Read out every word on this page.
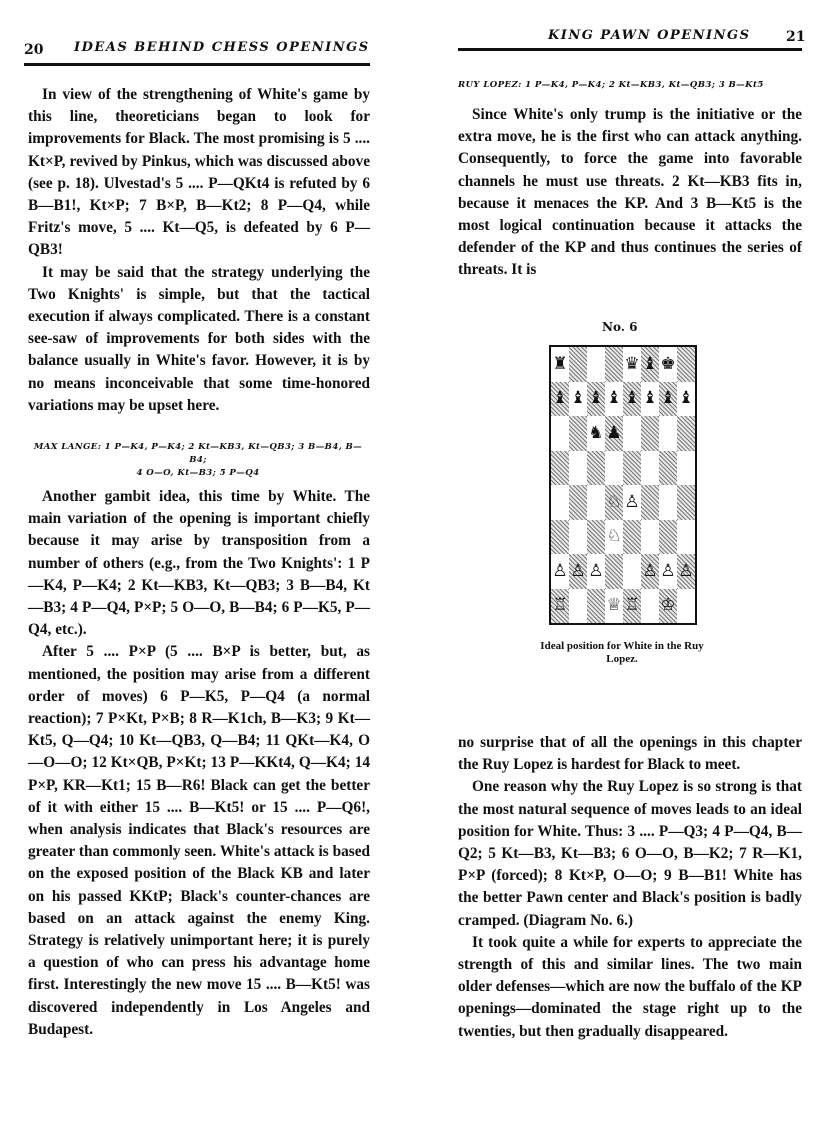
20 IDEAS BEHIND CHESS OPENINGS

In view of the strengthening of White's game by this line, theoreticians began to look for improvements for Black. The most promising is 5 .... Kt×P, revived by Pinkus, which was discussed above (see p. 18). Ulvestad's 5 .... P—QKt4 is refuted by 6 B—B1!, Kt×P; 7 B×P, B—Kt2; 8 P—Q4, while Fritz's move, 5 .... Kt—Q5, is defeated by 6 P—QB3!

It may be said that the strategy underlying the Two Knights' is simple, but that the tactical execution if always complicated. There is a constant see-saw of improvements for both sides with the balance usually in White's favor. However, it is by no means inconceivable that some time-honored variations may be upset here.

MAX LANGE: 1 P—K4, P—K4; 2 Kt—KB3, Kt—QB3; 3 B—B4, B—B4;
4 O—O, Kt—B3; 5 P—Q4

Another gambit idea, this time by White. The main variation of the opening is important chiefly because it may arise by transposition from a number of others (e.g., from the Two Knights': 1 P—K4, P—K4; 2 Kt—KB3, Kt—QB3; 3 B—B4, Kt—B3; 4 P—Q4, P×P; 5 O—O, B—B4; 6 P—K5, P—Q4, etc.).

After 5 .... P×P (5 .... B×P is better, but, as mentioned, the position may arise from a different order of moves) 6 P—K5, P—Q4 (a normal reaction); 7 P×Kt, P×B; 8 R—K1ch, B—K3; 9 Kt—Kt5, Q—Q4; 10 Kt—QB3, Q—B4; 11 QKt—K4, O—O—O; 12 Kt×QB, P×Kt; 13 P—KKt4, Q—K4; 14 P×P, KR—Kt1; 15 B—R6! Black can get the better of it with either 15 .... B—Kt5! or 15 .... P—Q6!, when analysis indicates that Black's resources are greater than commonly seen. White's attack is based on the exposed position of the Black KB and later on his passed KKtP; Black's counter-chances are based on an attack against the enemy King. Strategy is relatively unimportant here; it is purely a question of who can press his advantage home first. Interestingly the new move 15 .... B—Kt5! was discovered independently in Los Angeles and Budapest.

KING PAWN OPENINGS	21
RUY LOPEZ: 1 P—K4, P—K4; 2 Kt—KB3, Kt—QB3; 3 B—Kt5

Since White's only trump is the initiative or the extra move, he is the first who can attack anything. Consequently, to force the game into favorable channels he must use threats. 2 Kt—KB3 fits in, because it menaces the KP. And 3 B—Kt5 is the most logical continuation because it attacks the defender of the KP and thus continues the series of threats. It is

No. 6
♜	♛ ♝ ♚
♝ ♝ ♝ ♝ ♝ ♝ ♝ ♝
♞ ♟
♘ ♙
♘
♙ ♙ ♙ ♙ ♙ ♙
♖ ♕ ♖ ♔
Ideal position for White in the Ruy Lopez.

no surprise that of all the openings in this chapter the Ruy Lopez is hardest for Black to meet.

One reason why the Ruy Lopez is so strong is that the most natural sequence of moves leads to an ideal position for White. Thus: 3 .... P—Q3; 4 P—Q4, B—Q2; 5 Kt—B3, Kt—B3; 6 O—O, B—K2; 7 R—K1, P×P (forced); 8 Kt×P, O—O; 9 B—B1! White has the better Pawn center and Black's position is badly cramped. (Diagram No. 6.)

It took quite a while for experts to appreciate the strength of this and similar lines. The two main older defenses—which are now the buffalo of the KP openings—dominated the stage right up to the twenties, but then gradually disappeared.
